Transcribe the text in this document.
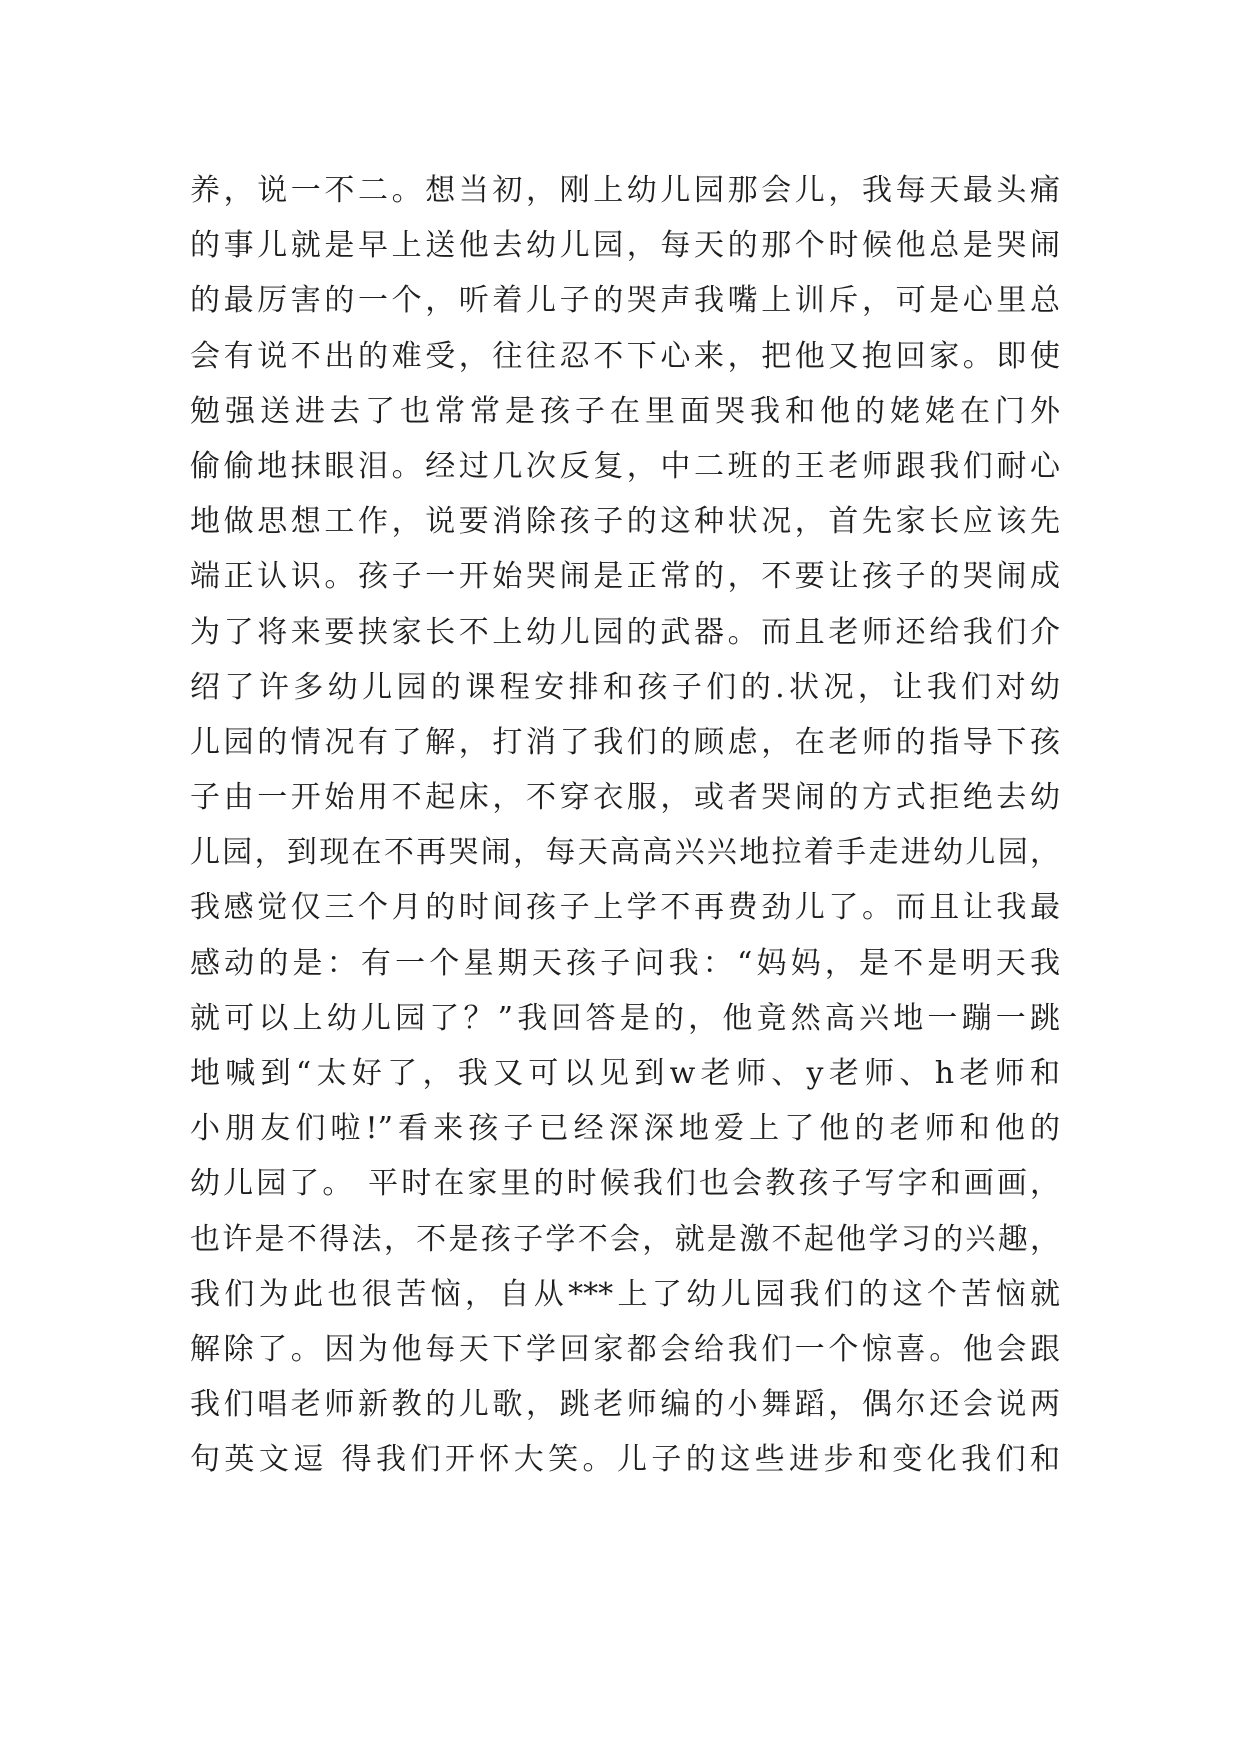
养，说一不二。想当初，刚上幼儿园那会儿，我每天最头痛
的事儿就是早上送他去幼儿园，每天的那个时候他总是哭闹
的最厉害的一个，听着儿子的哭声我嘴上训斥，可是心里总
会有说不出的难受，往往忍不下心来，把他又抱回家。即使
勉强送进去了也常常是孩子在里面哭我和他的姥姥在门外
偷偷地抹眼泪。经过几次反复，中二班的王老师跟我们耐心
地做思想工作，说要消除孩子的这种状况，首先家长应该先
端正认识。孩子一开始哭闹是正常的，不要让孩子的哭闹成
为了将来要挟家长不上幼儿园的武器。而且老师还给我们介
绍了许多幼儿园的课程安排和孩子们的.状况，让我们对幼
儿园的情况有了解，打消了我们的顾虑，在老师的指导下孩
子由一开始用不起床，不穿衣服，或者哭闹的方式拒绝去幼
儿园，到现在不再哭闹，每天高高兴兴地拉着手走进幼儿园，
我感觉仅三个月的时间孩子上学不再费劲儿了。而且让我最
感动的是：有一个星期天孩子问我：“妈妈，是不是明天我
就可以上幼儿园了？”我回答是的，他竟然高兴地一蹦一跳
地喊到“太好了，我又可以见到w老师、y老师、h老师和
小朋友们啦!”看来孩子已经深深地爱上了他的老师和他的
幼儿园了。 平时在家里的时候我们也会教孩子写字和画画，
也许是不得法，不是孩子学不会，就是激不起他学习的兴趣，
我们为此也很苦恼，自从***上了幼儿园我们的这个苦恼就
解除了。因为他每天下学回家都会给我们一个惊喜。他会跟
我们唱老师新教的儿歌，跳老师编的小舞蹈，偶尔还会说两
句英文逗 得我们开怀大笑。儿子的这些进步和变化我们和
